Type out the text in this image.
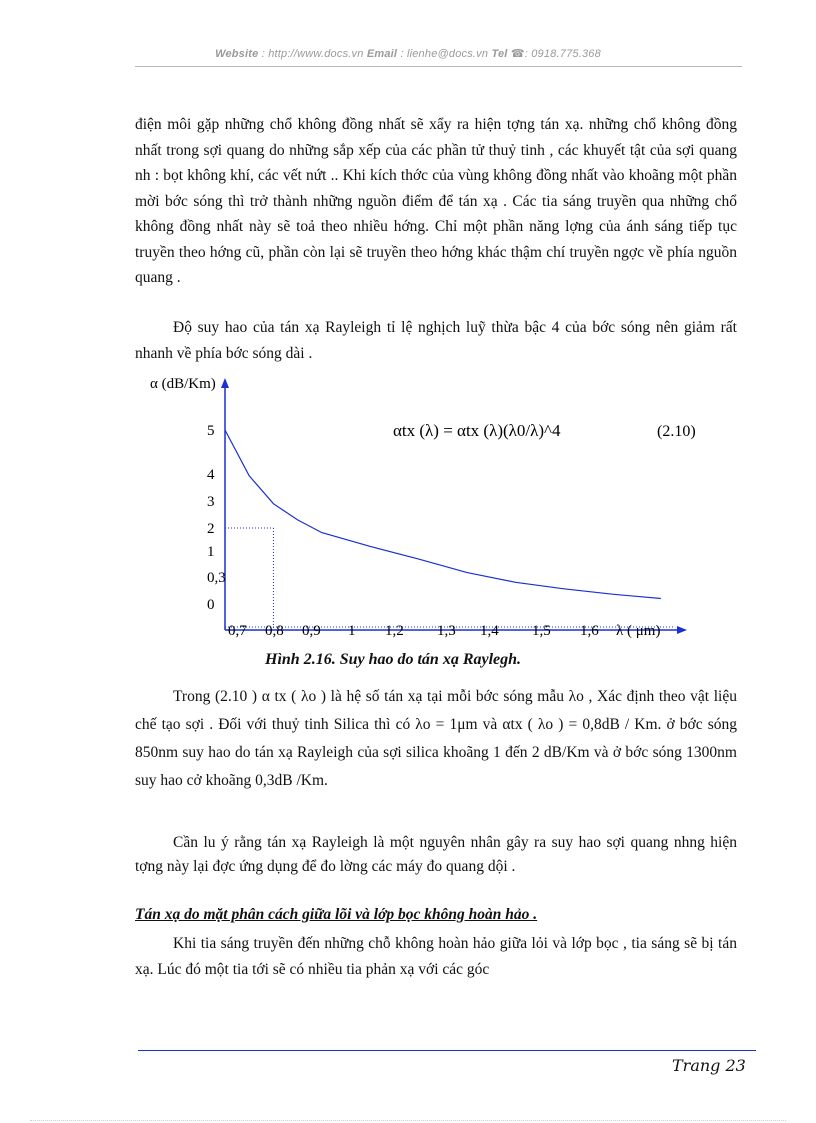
Website : http://www.docs.vn Email : lienhe@docs.vn Tel ☎: 0918.775.368

điện môi gặp những chổ không đồng nhất sẽ xẩy ra hiện tợng tán xạ. những chổ không đồng nhất trong sợi quang do những sắp xếp của các phần tử thuỷ tinh , các khuyết tật của sợi quang nh : bọt không khí, các vết nứt .. Khi kích thớc của vùng không đồng nhất vào khoãng một phần mời bớc sóng thì trở thành những nguồn điểm để tán xạ . Các tia sáng truyền qua những chổ không đồng nhất này sẽ toả theo nhiều hớng. Chỉ một phần năng lợng của ánh sáng tiếp tục truyền theo hớng cũ, phần còn lại sẽ truyền theo hớng khác thậm chí truyền ngợc về phía nguồn quang .

Độ suy hao của tán xạ Rayleigh tỉ lệ nghịch luỹ thừa bậc 4 của bớc sóng nên giảm rất nhanh về phía bớc sóng dài .

α (dB/Km)
5
4
3
2
1
0,3
0
0,7 0,8 0,9 1 1,2 1,3 1,4 1,5 1,6 λ ( μm)
αtx (λ) = αtx (λ)(λ0/λ)^4	(2.10)
Hình 2.16. Suy hao do tán xạ Raylegh.

Trong (2.10 ) α tx ( λo ) là hệ số tán xạ tại mỗi bớc sóng mẫu λo , Xác định theo vật liệu chế tạo sợi . Đối với thuỷ tinh Silica thì có λo = 1μm và αtx ( λo ) = 0,8dB / Km. ở bớc sóng 850nm suy hao do tán xạ Rayleigh của sợi silica khoãng 1 đến 2 dB/Km và ở bớc sóng 1300nm suy hao cở khoãng 0,3dB /Km.

Cần lu ý rằng tán xạ Rayleigh là một nguyên nhân gây ra suy hao sợi quang nhng hiện tợng này lại đợc ứng dụng để đo lờng các máy đo quang dội .

Tán xạ do mặt phân cách giữa lõi và lớp bọc không hoàn hảo .

Khi tia sáng truyền đến những chỗ không hoàn hảo giữa lỏi và lớp bọc , tia sáng sẽ bị tán xạ. Lúc đó một tia tới sẽ có nhiều tia phản xạ với các góc

Trang 23
